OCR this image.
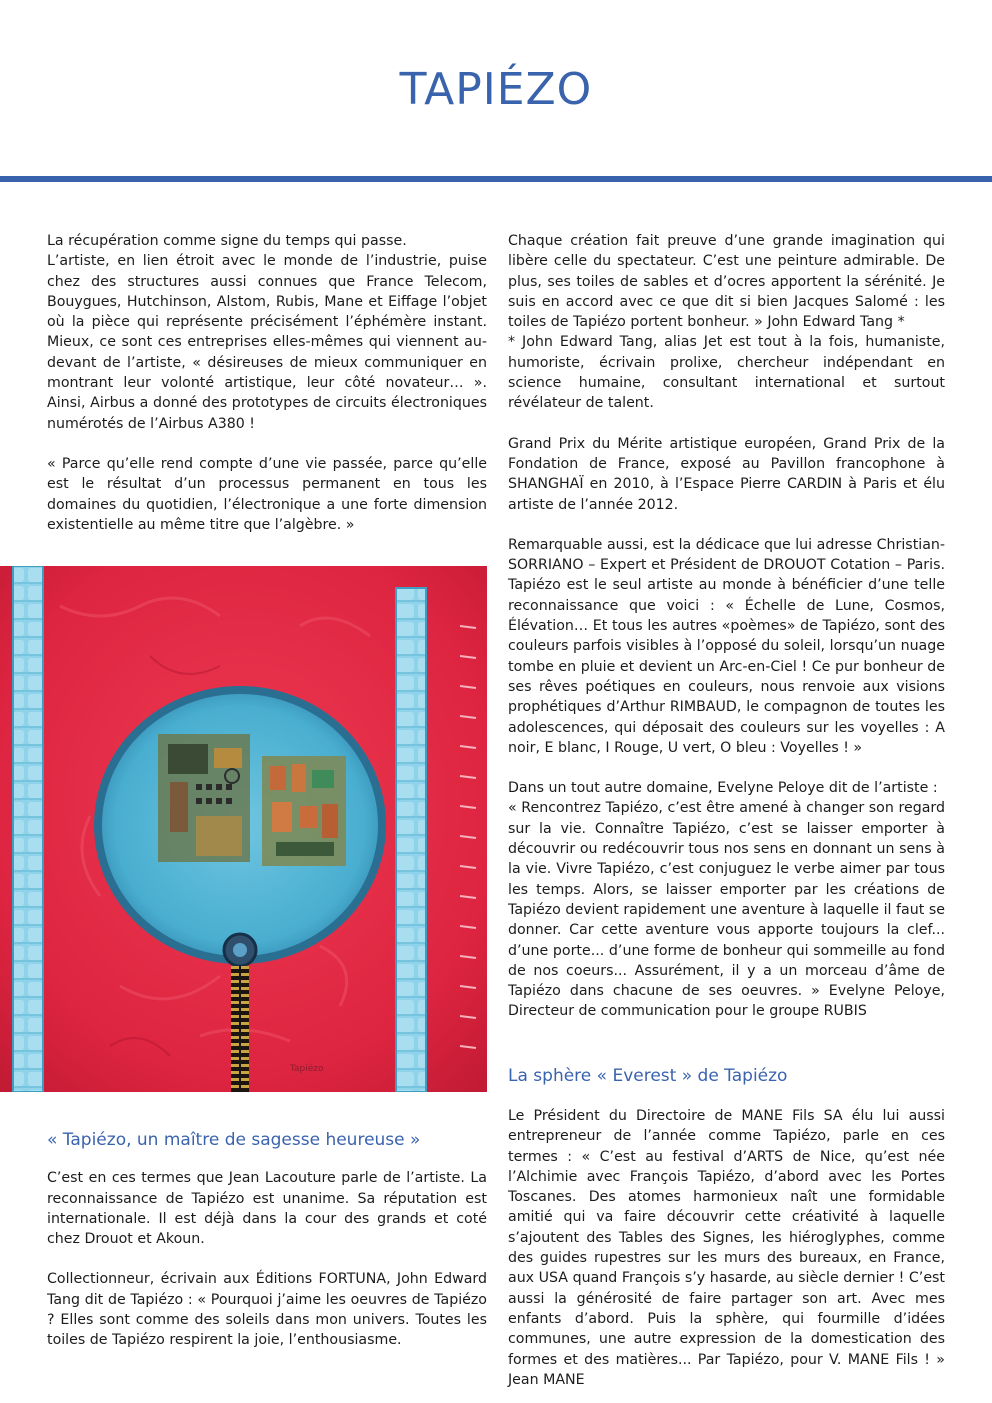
TAPIÉZO

La récupération comme signe du temps qui passe.

L’artiste, en lien étroit avec le monde de l’industrie, puise chez des structures aussi connues que France Telecom, Bouygues, Hutchinson, Alstom, Rubis, Mane et Eiffage l’objet où la pièce qui représente précisément l’éphémère instant. Mieux, ce sont ces entreprises elles-mêmes qui viennent au-devant de l’artiste, « désireuses de mieux communiquer en montrant leur volonté artistique, leur côté novateur… ». Ainsi, Airbus a donné des prototypes de circuits électroniques numérotés de l’Airbus A380 !

« Parce qu’elle rend compte d’une vie passée, parce qu’elle est le résultat d’un processus permanent en tous les domaines du quotidien, l’électronique a une forte dimension existentielle au même titre que l’algèbre. »

Tapiézo
« Tapiézo, un maître de sagesse heureuse »

C’est en ces termes que Jean Lacouture parle de l’artiste. La reconnaissance de Tapiézo est unanime. Sa réputation est internationale. Il est déjà dans la cour des grands et coté chez Drouot et Akoun.

Collectionneur, écrivain aux Éditions FORTUNA, John Edward Tang dit de Tapiézo : « Pourquoi j’aime les oeuvres de Tapiézo ? Elles sont comme des soleils dans mon univers. Toutes les toiles de Tapiézo respirent la joie, l’enthousiasme.

Chaque création fait preuve d’une grande imagination qui libère celle du spectateur. C’est une peinture admirable. De plus, ses toiles de sables et d’ocres apportent la sérénité. Je suis en accord avec ce que dit si bien Jacques Salomé : les toiles de Tapiézo portent bonheur. » John Edward Tang *

* John Edward Tang, alias Jet est tout à la fois, humaniste, humoriste, écrivain prolixe, chercheur indépendant en science humaine, consultant international et surtout révélateur de talent.

Grand Prix du Mérite artistique européen, Grand Prix de la Fondation de France, exposé au Pavillon francophone à SHANGHAÏ en 2010, à l’Espace Pierre CARDIN à Paris et élu artiste de l’année 2012.

Remarquable aussi, est la dédicace que lui adresse Christian-SORRIANO – Expert et Président de DROUOT Cotation – Paris. Tapiézo est le seul artiste au monde à bénéficier d’une telle reconnaissance que voici : « Échelle de Lune, Cosmos, Élévation… Et tous les autres «poèmes» de Tapiézo, sont des couleurs parfois visibles à l’opposé du soleil, lorsqu’un nuage tombe en pluie et devient un Arc-en-Ciel ! Ce pur bonheur de ses rêves poétiques en couleurs, nous renvoie aux visions prophétiques d’Arthur RIMBAUD, le compagnon de toutes les adolescences, qui déposait des couleurs sur les voyelles : A noir, E blanc, I Rouge, U vert, O bleu : Voyelles ! »

Dans un tout autre domaine, Evelyne Peloye dit de l’artiste :

« Rencontrez Tapiézo, c’est être amené à changer son regard sur la vie. Connaître Tapiézo, c’est se laisser emporter à découvrir ou redécouvrir tous nos sens en donnant un sens à la vie. Vivre Tapiézo, c’est conjuguez le verbe aimer par tous les temps. Alors, se laisser emporter par les créations de Tapiézo devient rapidement une aventure à laquelle il faut se donner. Car cette aventure vous apporte toujours la clef... d’une porte... d’une forme de bonheur qui sommeille au fond de nos coeurs... Assurément, il y a un morceau d’âme de Tapiézo dans chacune de ses oeuvres. » Evelyne Peloye, Directeur de communication pour le groupe RUBIS

La sphère « Everest » de Tapiézo

Le Président du Directoire de MANE Fils SA élu lui aussi entrepreneur de l’année comme Tapiézo, parle en ces termes : « C’est au festival d’ARTS de Nice, qu’est née l’Alchimie avec François Tapiézo, d’abord avec les Portes Toscanes. Des atomes harmonieux naît une formidable amitié qui va faire découvrir cette créativité à laquelle s’ajoutent des Tables des Signes, les hiéroglyphes, comme des guides rupestres sur les murs des bureaux, en France, aux USA quand François s’y hasarde, au siècle dernier ! C’est aussi la générosité de faire partager son art. Avec mes enfants d’abord. Puis la sphère, qui fourmille d’idées communes, une autre expression de la domestication des formes et des matières... Par Tapiézo, pour V. MANE Fils ! » Jean MANE
